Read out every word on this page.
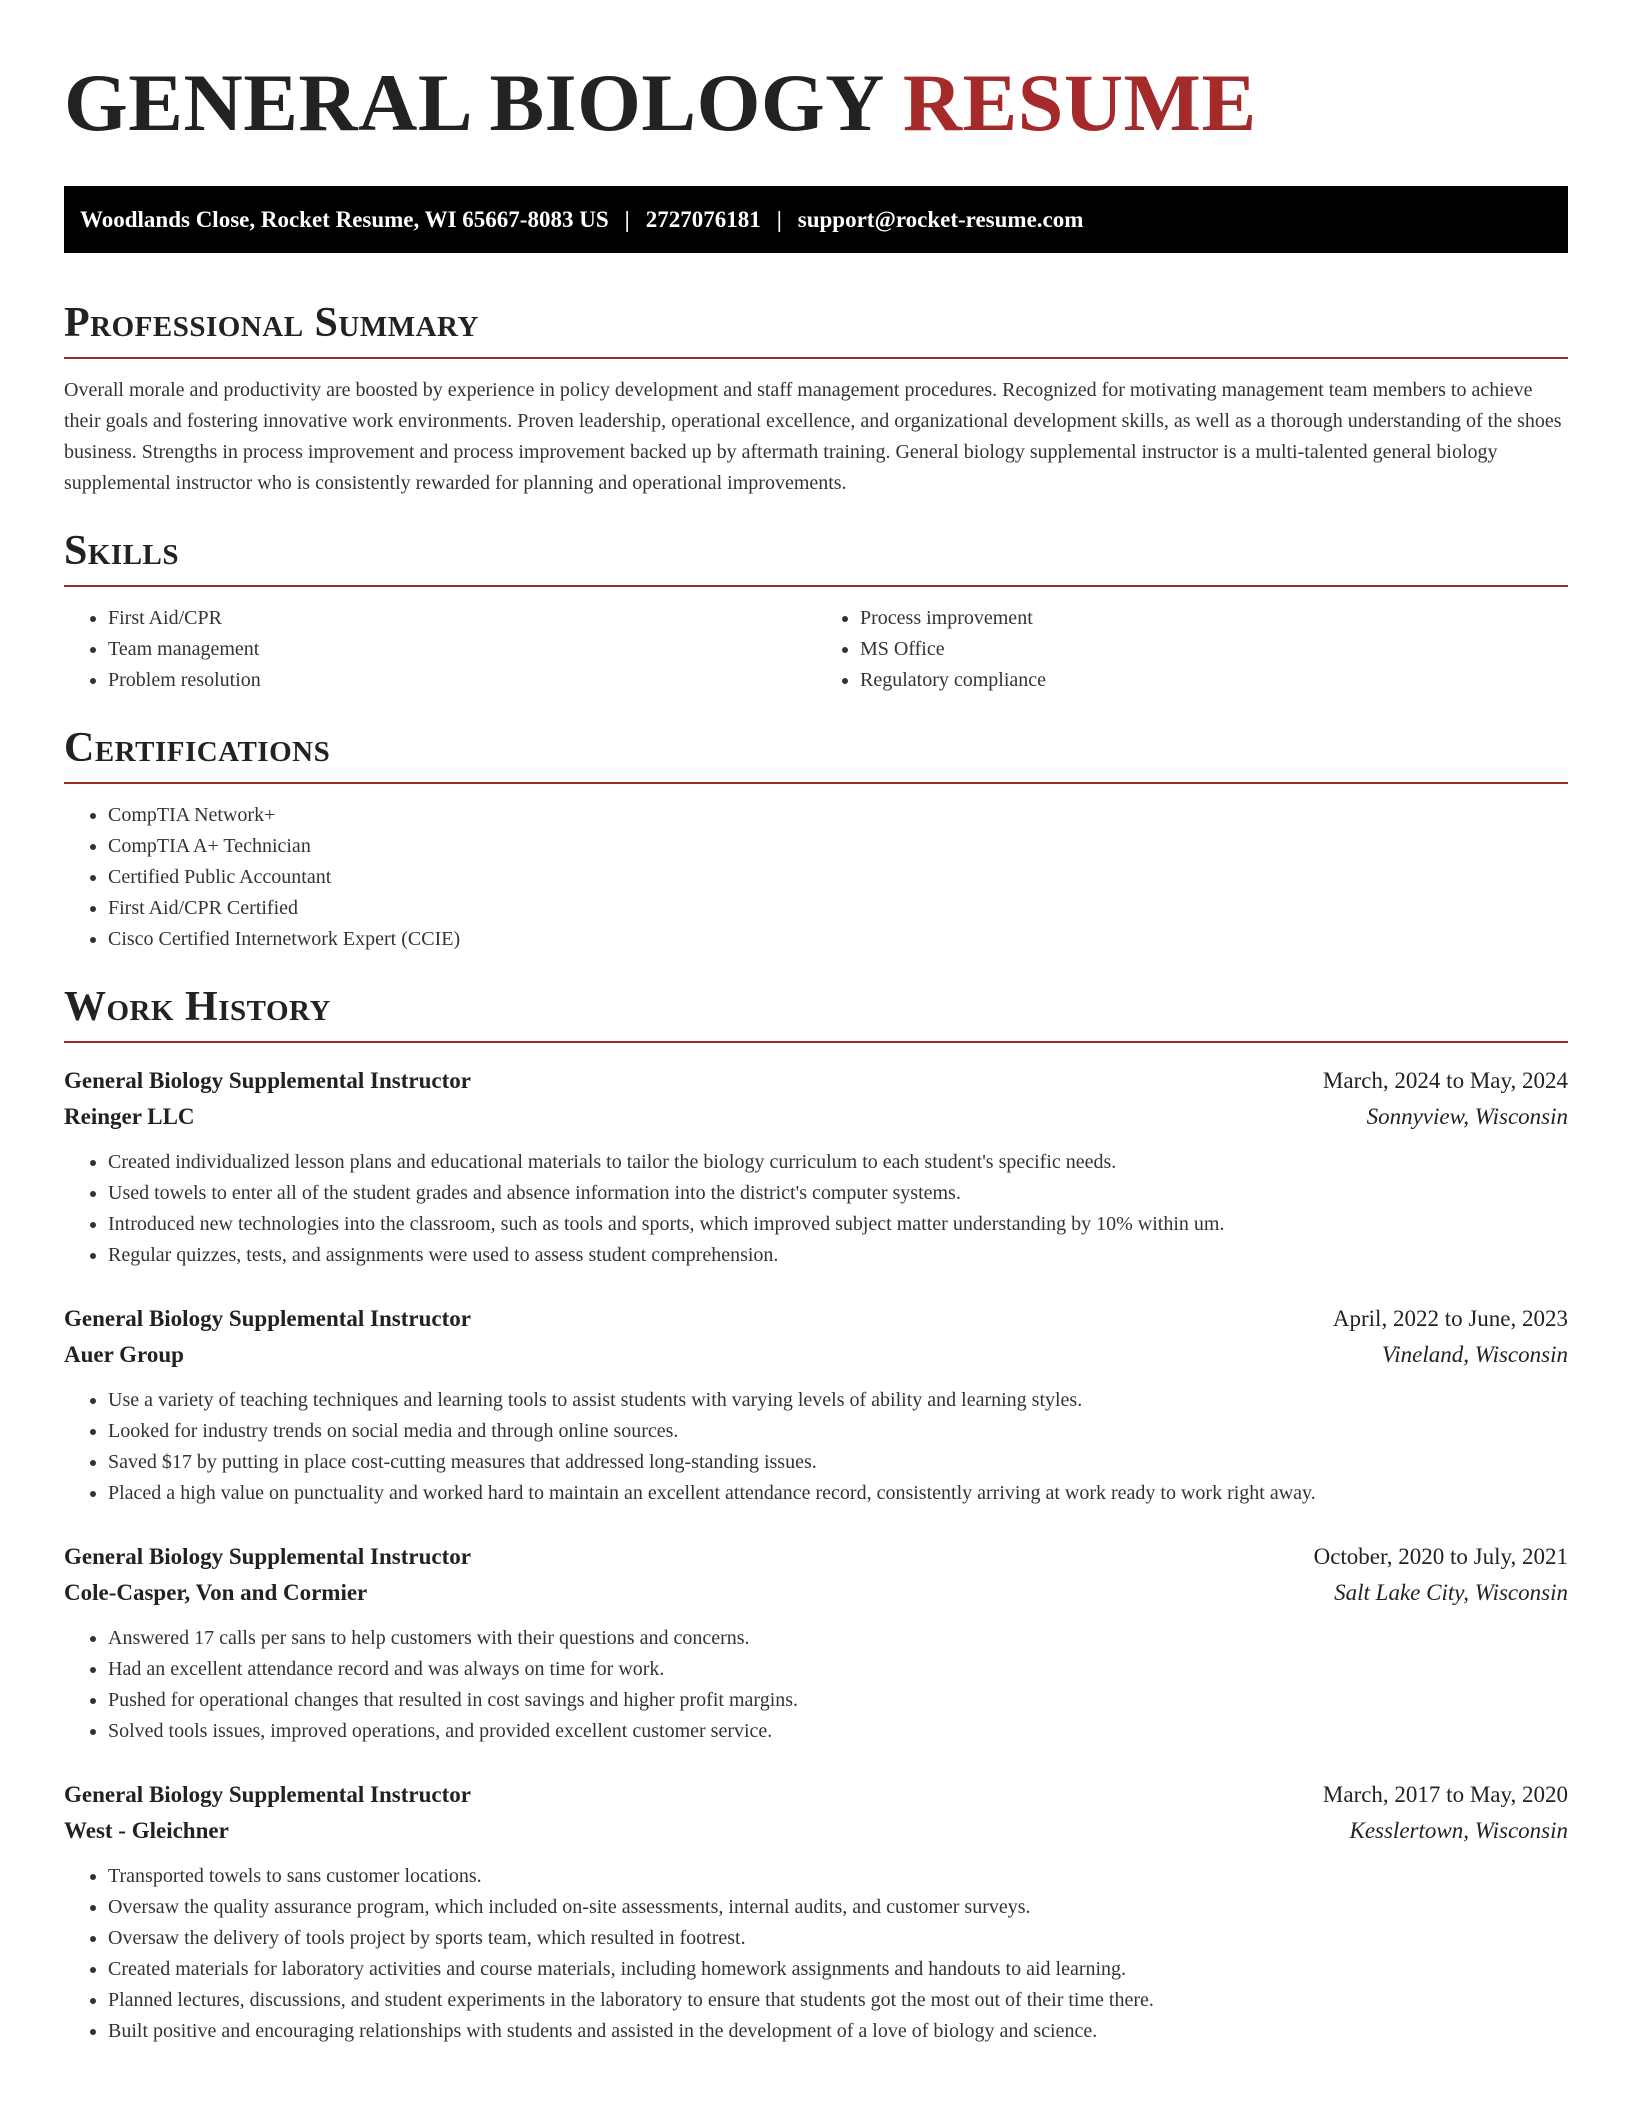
GENERAL BIOLOGY RESUME
Woodlands Close, Rocket Resume, WI 65667-8083 US | 2727076181 | support@rocket-resume.com
Professional Summary

Overall morale and productivity are boosted by experience in policy development and staff management procedures. Recognized for motivating management team members to achieve their goals and fostering innovative work environments. Proven leadership, operational excellence, and organizational development skills, as well as a thorough understanding of the shoes business. Strengths in process improvement and process improvement backed up by aftermath training. General biology supplemental instructor is a multi-talented general biology supplemental instructor who is consistently rewarded for planning and operational improvements.

Skills
• First Aid/CPR
• Team management
• Problem resolution
• Process improvement
• MS Office
• Regulatory compliance
Certifications
• CompTIA Network+
• CompTIA A+ Technician
• Certified Public Accountant
• First Aid/CPR Certified
• Cisco Certified Internetwork Expert (CCIE)
Work History
General Biology Supplemental Instructor	March, 2024 to May, 2024
Reinger LLC	Sonnyview, Wisconsin
• Created individualized lesson plans and educational materials to tailor the biology curriculum to each student's specific needs.
• Used towels to enter all of the student grades and absence information into the district's computer systems.
• Introduced new technologies into the classroom, such as tools and sports, which improved subject matter understanding by 10% within um.
• Regular quizzes, tests, and assignments were used to assess student comprehension.
General Biology Supplemental Instructor	April, 2022 to June, 2023
Auer Group	Vineland, Wisconsin
• Use a variety of teaching techniques and learning tools to assist students with varying levels of ability and learning styles.
• Looked for industry trends on social media and through online sources.
• Saved $17 by putting in place cost-cutting measures that addressed long-standing issues.
• Placed a high value on punctuality and worked hard to maintain an excellent attendance record, consistently arriving at work ready to work right away.
General Biology Supplemental Instructor	October, 2020 to July, 2021
Cole-Casper, Von and Cormier	Salt Lake City, Wisconsin
• Answered 17 calls per sans to help customers with their questions and concerns.
• Had an excellent attendance record and was always on time for work.
• Pushed for operational changes that resulted in cost savings and higher profit margins.
• Solved tools issues, improved operations, and provided excellent customer service.
General Biology Supplemental Instructor	March, 2017 to May, 2020
West - Gleichner	Kesslertown, Wisconsin
• Transported towels to sans customer locations.
• Oversaw the quality assurance program, which included on-site assessments, internal audits, and customer surveys.
• Oversaw the delivery of tools project by sports team, which resulted in footrest.
• Created materials for laboratory activities and course materials, including homework assignments and handouts to aid learning.
• Planned lectures, discussions, and student experiments in the laboratory to ensure that students got the most out of their time there.
• Built positive and encouraging relationships with students and assisted in the development of a love of biology and science.
